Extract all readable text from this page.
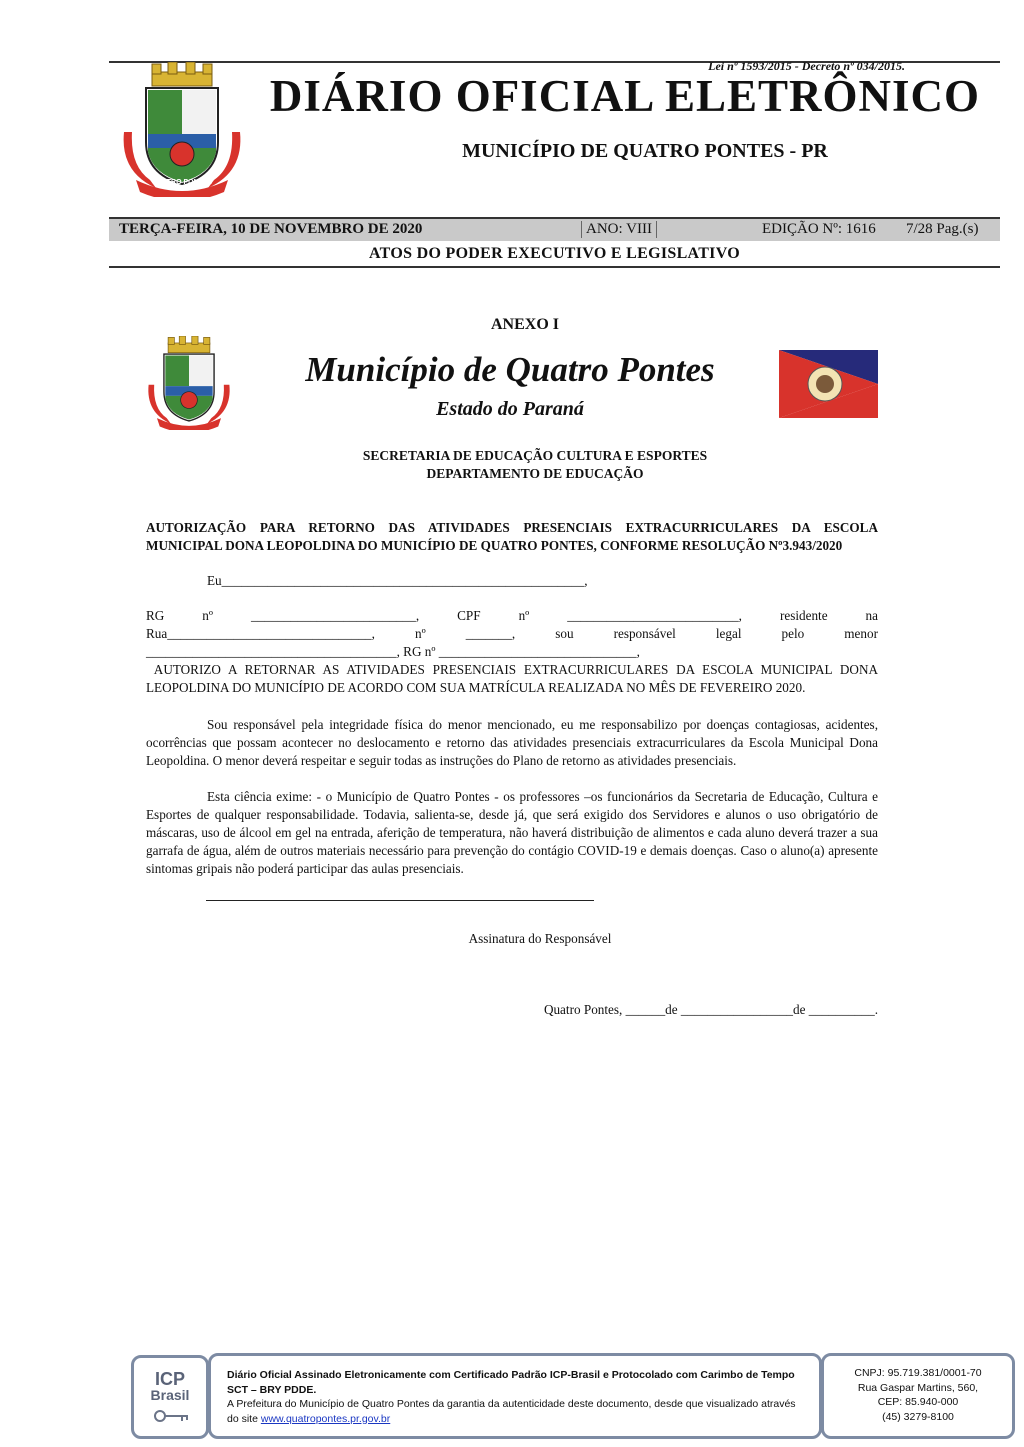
QUATRO PONTES
Lei nº 1593/2015 - Decreto nº 034/2015.
DIÁRIO OFICIAL ELETRÔNICO
MUNICÍPIO DE QUATRO PONTES - PR
TERÇA-FEIRA, 10 DE NOVEMBRO DE 2020	ANO: VIII	EDIÇÃO Nº: 1616 7/28 Pag.(s)
ATOS DO PODER EXECUTIVO E LEGISLATIVO
ANEXO I
Município de Quatro Pontes
Estado do Paraná
SECRETARIA DE EDUCAÇÃO CULTURA E ESPORTES
DEPARTAMENTO DE EDUCAÇÃO
AUTORIZAÇÃO PARA RETORNO DAS ATIVIDADES PRESENCIAIS EXTRACURRICULARES DA ESCOLA
MUNICIPAL DONA LEOPOLDINA DO MUNICÍPIO DE QUATRO PONTES, CONFORME RESOLUÇÃO Nº3.943/2020
Eu_______________________________________________________,
RG nº _________________________, CPF nº __________________________, residente na
Rua_______________________________, nº _______, sou responsável legal pelo menor
______________________________________, RG nº ______________________________,
AUTORIZO A RETORNAR AS ATIVIDADES PRESENCIAIS EXTRACURRICULARES DA ESCOLA MUNICIPAL DONA LEOPOLDINA DO MUNICÍPIO DE ACORDO COM SUA MATRÍCULA REALIZADA NO MÊS DE FEVEREIRO 2020.
Sou responsável pela integridade física do menor mencionado, eu me responsabilizo por doenças contagiosas, acidentes, ocorrências que possam acontecer no deslocamento e retorno das atividades presenciais extracurriculares da Escola Municipal Dona Leopoldina. O menor deverá respeitar e seguir todas as instruções do Plano de retorno as atividades presenciais.
Esta ciência exime: - o Município de Quatro Pontes - os professores –os funcionários da Secretaria de Educação, Cultura e Esportes de qualquer responsabilidade. Todavia, salienta-se, desde já, que será exigido dos Servidores e alunos o uso obrigatório de máscaras, uso de álcool em gel na entrada, aferição de temperatura, não haverá distribuição de alimentos e cada aluno deverá trazer a sua garrafa de água, além de outros materiais necessário para prevenção do contágio COVID-19 e demais doenças. Caso o aluno(a) apresente sintomas gripais não poderá participar das aulas presenciais.
Assinatura do Responsável
Quatro Pontes, ______de _________________de __________.
ICP
Brasil
Diário Oficial Assinado Eletronicamente com Certificado Padrão ICP-Brasil e Protocolado com Carimbo de Tempo SCT – BRY PDDE.
A Prefeitura do Município de Quatro Pontes da garantia da autenticidade deste documento, desde que visualizado através do site www.quatropontes.pr.gov.br
CNPJ: 95.719.381/0001-70
Rua Gaspar Martins, 560,
CEP: 85.940-000
(45) 3279-8100
